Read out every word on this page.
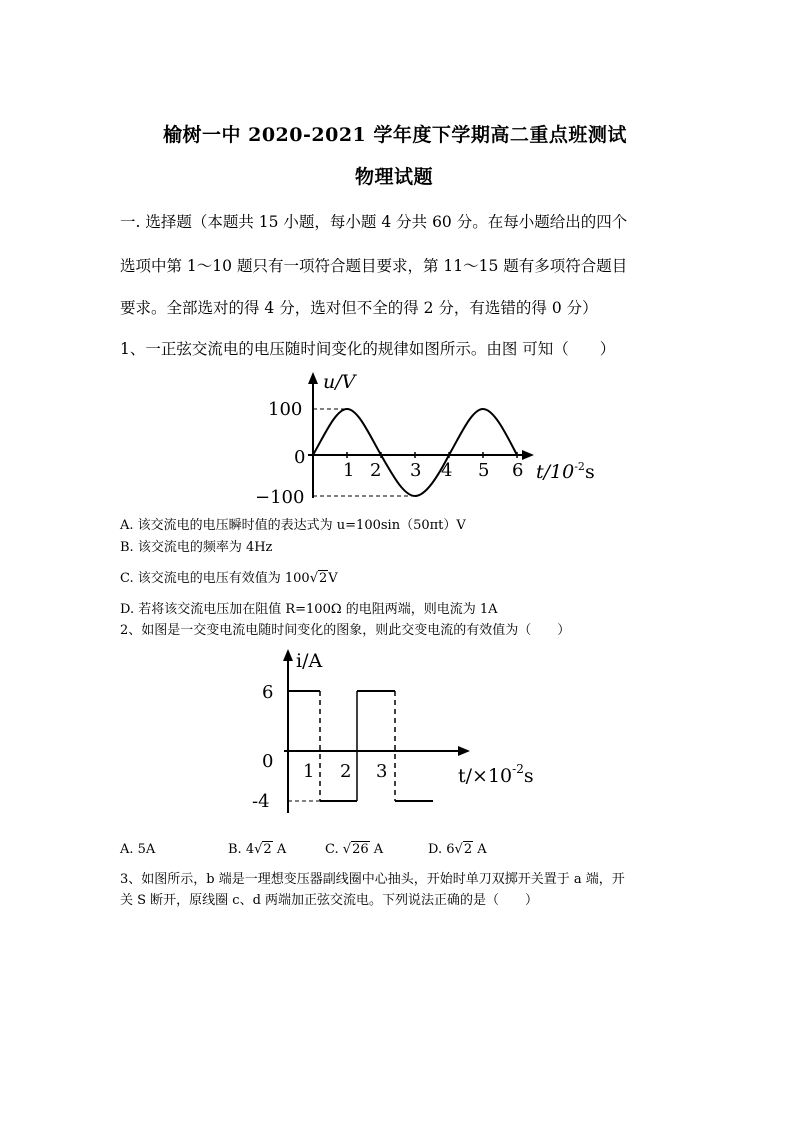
榆树一中 2020-2021 学年度下学期高二重点班测试
物理试题
一. 选择题（本题共 15 小题，每小题 4 分共 60 分。在每小题给出的四个
选项中第 1～10 题只有一项符合题目要求，第 11～15 题有多项符合题目
要求。全部选对的得 4 分，选对但不全的得 2 分，有选错的得 0 分）
1、一正弦交流电的电压随时间变化的规律如图所示。由图 可知（　　）
u/V
100
0
−100
1 2 3 4 5 6 $t/10^{-2}s$
A. 该交流电的电压瞬时值的表达式为 u=100sin（50πt）V
B. 该交流电的频率为 4Hz
C. 该交流电的电压有效值为 100√2V
D. 若将该交流电压加在阻值 R=100Ω 的电阻两端，则电流为 1A
2、如图是一交变电流电随时间变化的图象，则此交变电流的有效值为（　　）
i/A
6
0
-4
1 2 3	$t/\times 10^{-2}s$
A. 5A	B. 4√2 A	C. √26 A	D. 6√2 A
3、如图所示，b 端是一理想变压器副线圈中心抽头，开始时单刀双掷开关置于 a 端，开
关 S 断开，原线圈 c、d 两端加正弦交流电。下列说法正确的是（　　）
